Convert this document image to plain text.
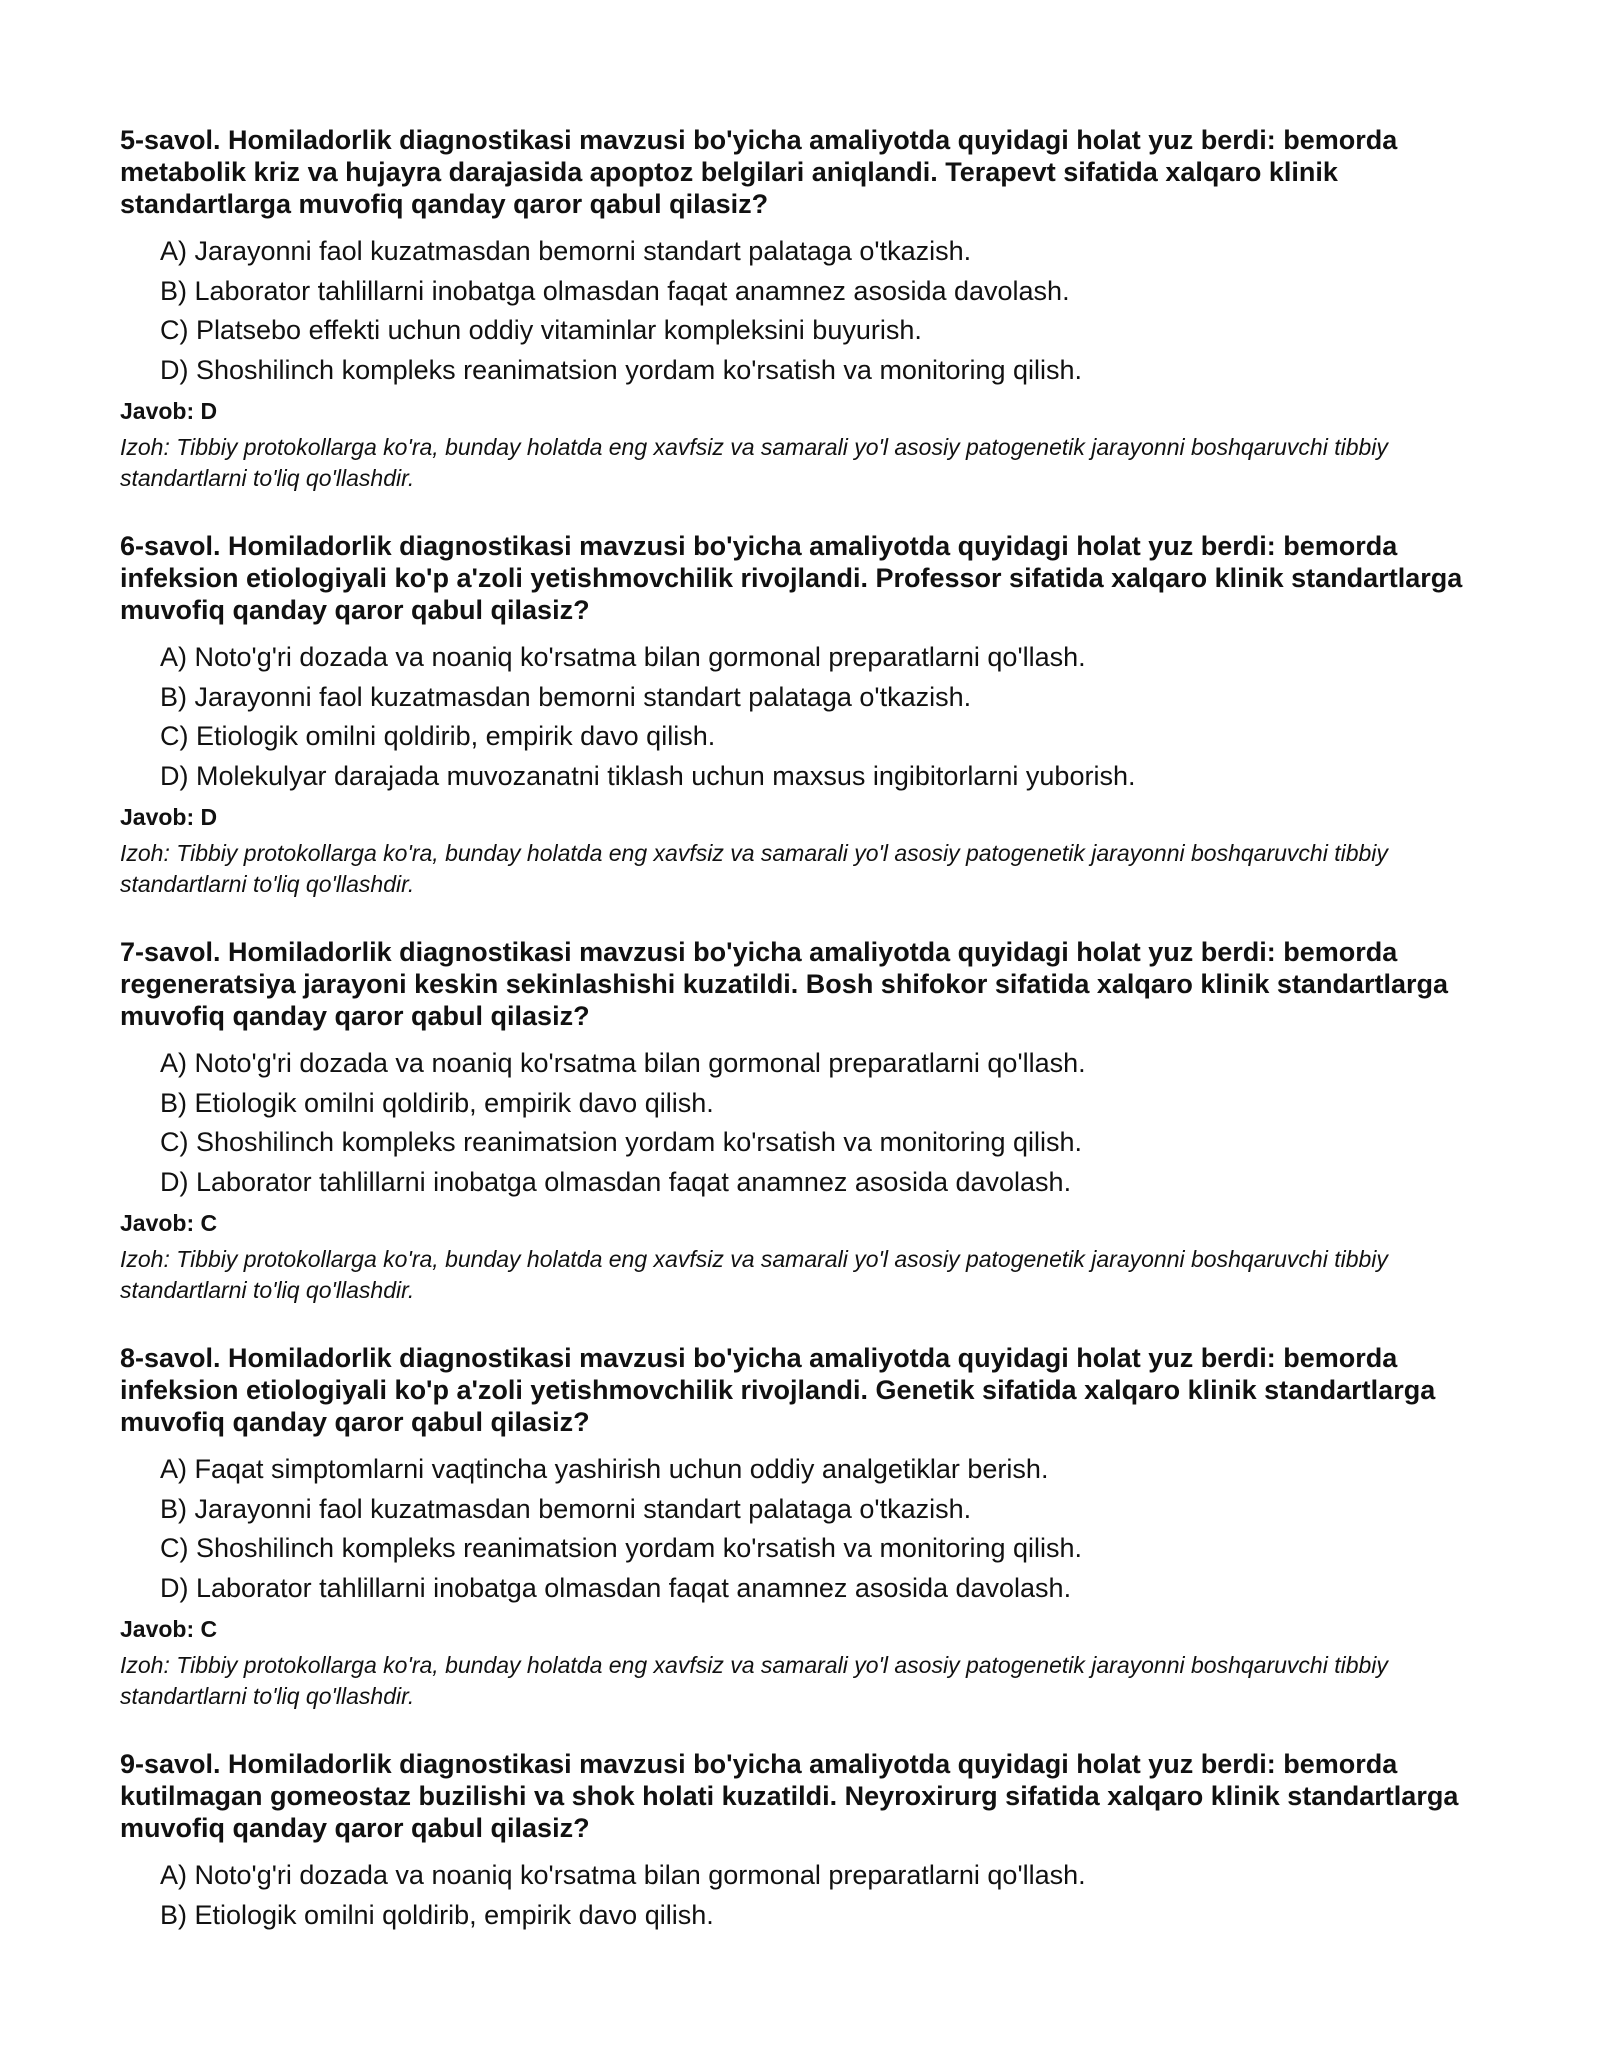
5-savol. Homiladorlik diagnostikasi mavzusi bo'yicha amaliyotda quyidagi holat yuz berdi: bemorda metabolik kriz va hujayra darajasida apoptoz belgilari aniqlandi. Terapevt sifatida xalqaro klinik standartlarga muvofiq qanday qaror qabul qilasiz?
A) Jarayonni faol kuzatmasdan bemorni standart palataga o'tkazish.
B) Laborator tahlillarni inobatga olmasdan faqat anamnez asosida davolash.
C) Platsebo effekti uchun oddiy vitaminlar kompleksini buyurish.
D) Shoshilinch kompleks reanimatsion yordam ko'rsatish va monitoring qilish.
Javob: D
Izoh: Tibbiy protokollarga ko'ra, bunday holatda eng xavfsiz va samarali yo'l asosiy patogenetik jarayonni boshqaruvchi tibbiy standartlarni to'liq qo'llashdir.
6-savol. Homiladorlik diagnostikasi mavzusi bo'yicha amaliyotda quyidagi holat yuz berdi: bemorda infeksion etiologiyali ko'p a'zoli yetishmovchilik rivojlandi. Professor sifatida xalqaro klinik standartlarga muvofiq qanday qaror qabul qilasiz?
A) Noto'g'ri dozada va noaniq ko'rsatma bilan gormonal preparatlarni qo'llash.
B) Jarayonni faol kuzatmasdan bemorni standart palataga o'tkazish.
C) Etiologik omilni qoldirib, empirik davo qilish.
D) Molekulyar darajada muvozanatni tiklash uchun maxsus ingibitorlarni yuborish.
Javob: D
Izoh: Tibbiy protokollarga ko'ra, bunday holatda eng xavfsiz va samarali yo'l asosiy patogenetik jarayonni boshqaruvchi tibbiy standartlarni to'liq qo'llashdir.
7-savol. Homiladorlik diagnostikasi mavzusi bo'yicha amaliyotda quyidagi holat yuz berdi: bemorda regeneratsiya jarayoni keskin sekinlashishi kuzatildi. Bosh shifokor sifatida xalqaro klinik standartlarga muvofiq qanday qaror qabul qilasiz?
A) Noto'g'ri dozada va noaniq ko'rsatma bilan gormonal preparatlarni qo'llash.
B) Etiologik omilni qoldirib, empirik davo qilish.
C) Shoshilinch kompleks reanimatsion yordam ko'rsatish va monitoring qilish.
D) Laborator tahlillarni inobatga olmasdan faqat anamnez asosida davolash.
Javob: C
Izoh: Tibbiy protokollarga ko'ra, bunday holatda eng xavfsiz va samarali yo'l asosiy patogenetik jarayonni boshqaruvchi tibbiy standartlarni to'liq qo'llashdir.
8-savol. Homiladorlik diagnostikasi mavzusi bo'yicha amaliyotda quyidagi holat yuz berdi: bemorda infeksion etiologiyali ko'p a'zoli yetishmovchilik rivojlandi. Genetik sifatida xalqaro klinik standartlarga muvofiq qanday qaror qabul qilasiz?
A) Faqat simptomlarni vaqtincha yashirish uchun oddiy analgetiklar berish.
B) Jarayonni faol kuzatmasdan bemorni standart palataga o'tkazish.
C) Shoshilinch kompleks reanimatsion yordam ko'rsatish va monitoring qilish.
D) Laborator tahlillarni inobatga olmasdan faqat anamnez asosida davolash.
Javob: C
Izoh: Tibbiy protokollarga ko'ra, bunday holatda eng xavfsiz va samarali yo'l asosiy patogenetik jarayonni boshqaruvchi tibbiy standartlarni to'liq qo'llashdir.
9-savol. Homiladorlik diagnostikasi mavzusi bo'yicha amaliyotda quyidagi holat yuz berdi: bemorda kutilmagan gomeostaz buzilishi va shok holati kuzatildi. Neyroxirurg sifatida xalqaro klinik standartlarga muvofiq qanday qaror qabul qilasiz?
A) Noto'g'ri dozada va noaniq ko'rsatma bilan gormonal preparatlarni qo'llash.
B) Etiologik omilni qoldirib, empirik davo qilish.
